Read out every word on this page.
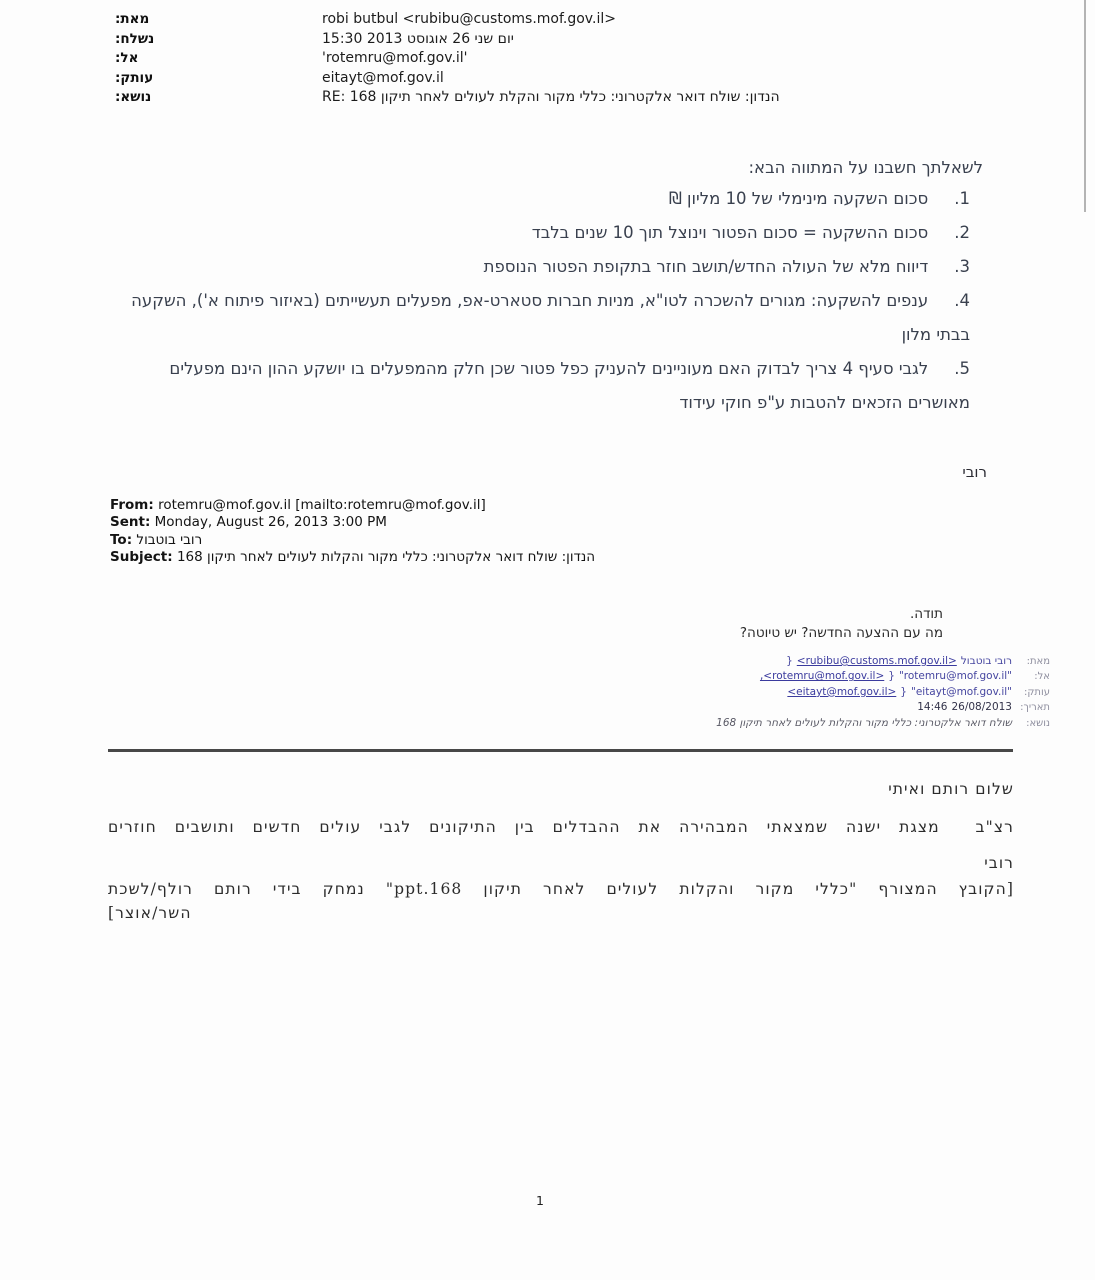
מאת:	robi butbul <rubibu@customs.mof.gov.il>
נשלח:	יום שני 26 אוגוסט 2013‏ 15:30
אל:	'rotemru@mof.gov.il'
עותק:	eitayt@mof.gov.il
נושא:	הנדון: שולח דואר אלקטרוני: כללי מקור והקלת לעולים לאחר תיקון RE: 168

לשאלתך חשבנו על המתווה הבא:

1.סכום השקעה מינימלי של 10 מליון ₪
2.סכום ההשקעה = סכום הפטור וינוצל תוך 10 שנים בלבד
3.דיווח מלא של העולה החדש/תושב חוזר בתקופת הפטור הנוספת
4.ענפים להשקעה: מגורים להשכרה לטו"א, מניות חברות סטארט-אפ, מפעלים תעשייתים (באיזור פיתוח א'), השקעה
בבתי מלון
5.לגבי סעיף 4 צריך לבדוק האם מעוניינים להעניק כפל פטור שכן חלק מהמפעלים בו יושקע ההון הינם מפעלים
מאושרים הזכאים להטבות ע"פ חוקי עידוד

רובי

From: rotemru@mof.gov.il [mailto:rotemru@mof.gov.il]
Sent: Monday, August 26, 2013 3:00 PM
To: רובי בוטבול
Subject: הנדון: שולח דואר אלקטרוני: כללי מקור והקלות לעולים לאחר תיקון 168

תודה.

מה עם ההצעה החדשה? יש טיוטה?

מאת:
רובי בוטבול<rubibu@customs.mof.gov.il>{
אל:
"rotemru@mof.gov.il"{,<rotemru@mof.gov.il>
עותק:
"eitayt@mof.gov.il"{<eitayt@mof.gov.il>
תאריך:
26/08/201314:46
נושא:
שולח דואר אלקטרוני: כללי מקור והקלות לעולים לאחר תיקון 168
שלום רותם ואיתי
רצ"ב  מצגת ישנה שמצאתי המבהירה את ההבדלים בין התיקונים לגבי עולים חדשים ותושבים חוזרים
רובי
[הקובץ המצורף "כללי מקור והקלות לעולים לאחר תיקון 168.ppt" נמחק בידי רותם רולף/לשכת
השר/אוצר]
1
